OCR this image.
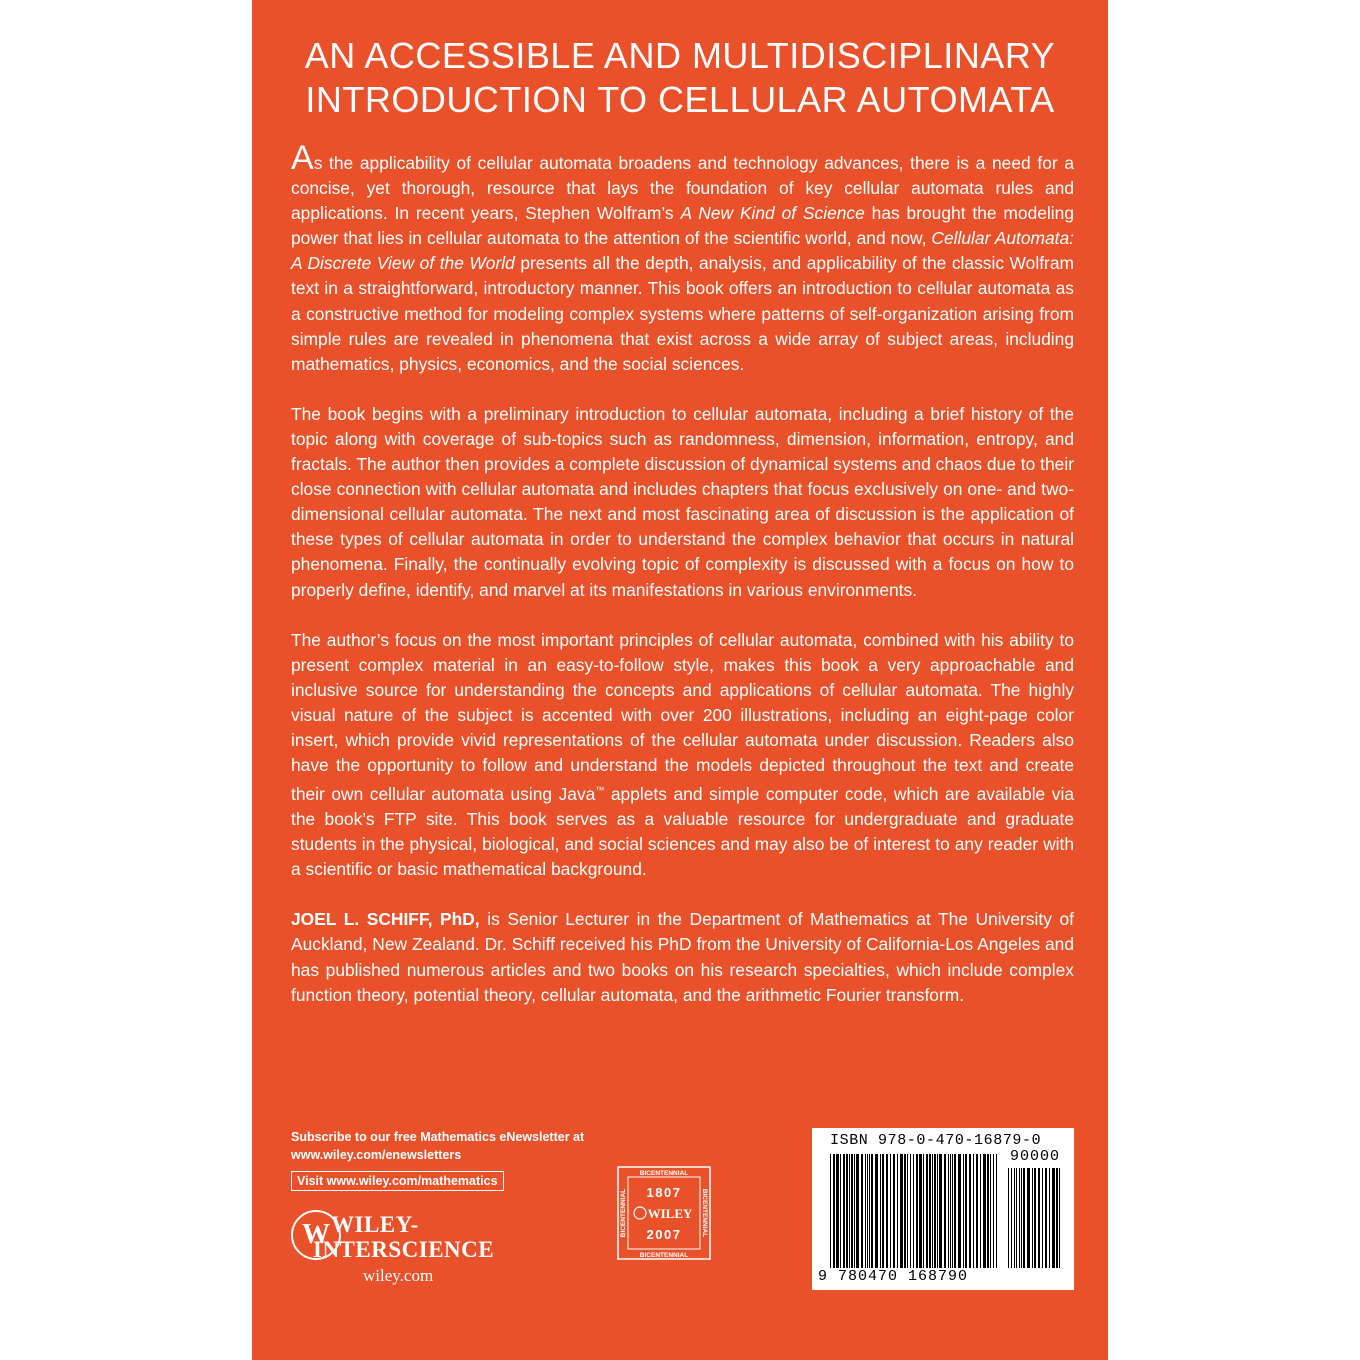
AN ACCESSIBLE AND MULTIDISCIPLINARY
INTRODUCTION TO CELLULAR AUTOMATA

As the applicability of cellular automata broadens and technology advances, there is a need for a concise, yet thorough, resource that lays the foundation of key cellular automata rules and applications. In recent years, Stephen Wolfram’s A New Kind of Science has brought the modeling power that lies in cellular automata to the attention of the scientific world, and now, Cellular Automata: A Discrete View of the World presents all the depth, analysis, and applicability of the classic Wolfram text in a straightforward, introductory manner. This book offers an introduction to cellular automata as a constructive method for modeling complex systems where patterns of self-organization arising from simple rules are revealed in phenomena that exist across a wide array of subject areas, including mathematics, physics, economics, and the social sciences.

The book begins with a preliminary introduction to cellular automata, including a brief history of the topic along with coverage of sub-topics such as randomness, dimension, information, entropy, and fractals. The author then provides a complete discussion of dynamical systems and chaos due to their close connection with cellular automata and includes chapters that focus exclusively on one- and two-dimensional cellular automata. The next and most fascinating area of discussion is the application of these types of cellular automata in order to understand the complex behavior that occurs in natural phenomena. Finally, the continually evolving topic of complexity is discussed with a focus on how to properly define, identify, and marvel at its manifestations in various environments.

The author’s focus on the most important principles of cellular automata, combined with his ability to present complex material in an easy-to-follow style, makes this book a very approachable and inclusive source for understanding the concepts and applications of cellular automata. The highly visual nature of the subject is accented with over 200 illustrations, including an eight-page color insert, which provide vivid representations of the cellular automata under discussion. Readers also have the opportunity to follow and understand the models depicted throughout the text and create their own cellular automata using Java™ applets and simple computer code, which are available via the book’s FTP site. This book serves as a valuable resource for undergraduate and graduate students in the physical, biological, and social sciences and may also be of interest to any reader with a scientific or basic mathematical background.

JOEL L. SCHIFF, PhD, is Senior Lecturer in the Department of Mathematics at The University of Auckland, New Zealand. Dr. Schiff received his PhD from the University of California-Los Angeles and has published numerous articles and two books on his research specialties, which include complex function theory, potential theory, cellular automata, and the arithmetic Fourier transform.

Subscribe to our free Mathematics eNewsletter at
www.wiley.com/enewsletters
Visit www.wiley.com/mathematics
W WILEY-
INTERSCIENCE
wiley.com
BICENTENNIAL
BICENTENNIAL
BICENTENNIAL	BICENTENNIAL
1807
WILEY
2007
ISBN 978-0-470-16879-0
90000
9 780470 168790
